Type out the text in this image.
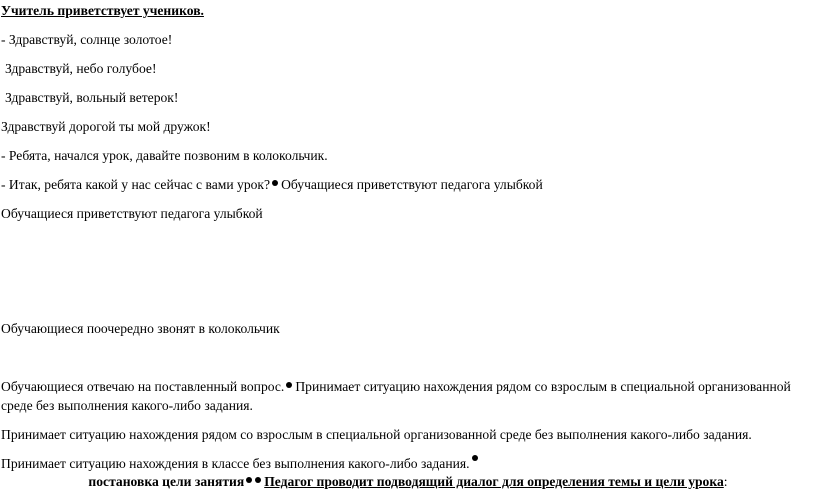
Учитель приветствует учеников.
- Здравствуй, солнце золотое!
Здравствуй, небо голубое!
Здравствуй, вольный ветерок!
Здравствуй дорогой ты мой дружок!
- Ребята, начался урок, давайте позвоним в колокольчик.
- Итак, ребята какой у нас сейчас с вами урок? Обучащиеся приветствуют педагога улыбкой
Обучащиеся приветствуют педагога улыбкой
Обучающиеся поочередно звонят в колокольчик
Обучающиеся отвечаю на поставленный вопрос. Принимает ситуацию нахождения рядом со взрослым в специальной организованной
среде без выполнения какого-либо задания.
Принимает ситуацию нахождения рядом со взрослым в специальной организованной среде без выполнения какого-либо задания.
Принимает ситуацию нахождения в классе без выполнения какого-либо задания.
постановка цели занятия Педагог проводит подводящий диалог для определения темы и цели урока:
